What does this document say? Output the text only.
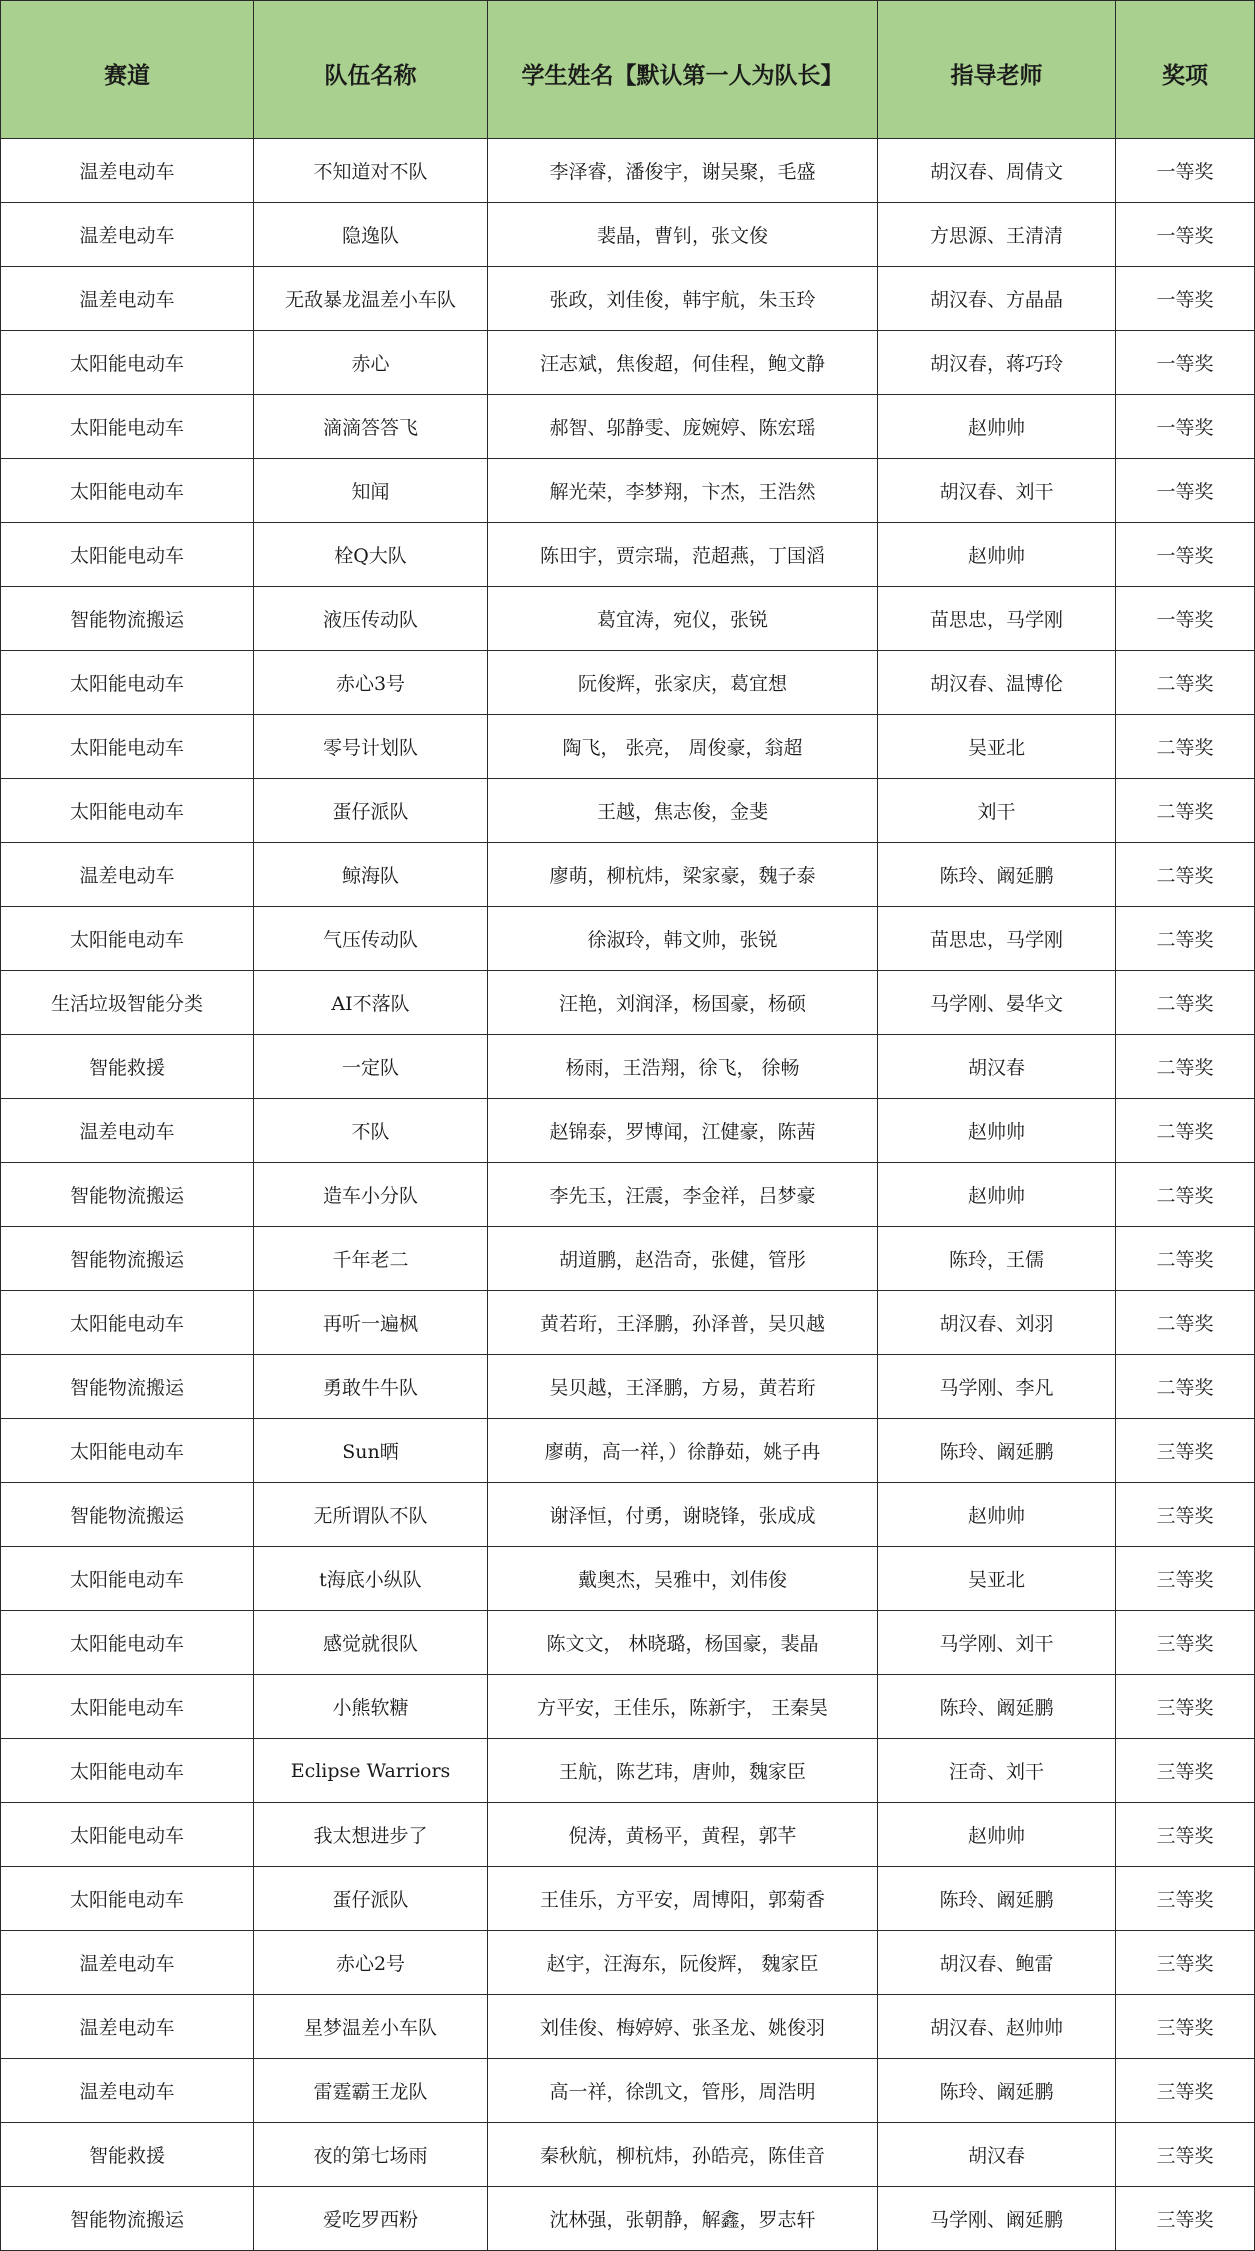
赛道	队伍名称	学生姓名【默认第一人为队长】	指导老师	奖项
温差电动车	不知道对不队	李泽睿，潘俊宇，谢吴聚，毛盛	胡汉春、周倩文	一等奖
温差电动车	隐逸队	裴晶，曹钊，张文俊	方思源、王清清	一等奖
温差电动车	无敌暴龙温差小车队	张政，刘佳俊，韩宇航，朱玉玲	胡汉春、方晶晶	一等奖
太阳能电动车	赤心	汪志斌，焦俊超，何佳程，鲍文静	胡汉春，蒋巧玲	一等奖
太阳能电动车	滴滴答答飞	郝智、邬静雯、庞婉婷、陈宏瑶	赵帅帅	一等奖
太阳能电动车	知闻	解光荣，李梦翔，卞杰，王浩然	胡汉春、刘干	一等奖
太阳能电动车	栓Q大队	陈田宇，贾宗瑞，范超燕，丁国滔	赵帅帅	一等奖
智能物流搬运	液压传动队	葛宜涛，宛仪，张锐	苗思忠，马学刚	一等奖
太阳能电动车	赤心3号	阮俊辉，张家庆，葛宜想	胡汉春、温博伦	二等奖
太阳能电动车	零号计划队	陶飞， 张亮， 周俊豪，翁超	吴亚北	二等奖
太阳能电动车	蛋仔派队	王越，焦志俊，金斐	刘干	二等奖
温差电动车	鲸海队	廖萌，柳杭炜，梁家豪，魏子泰	陈玲、阚延鹏	二等奖
太阳能电动车	气压传动队	徐淑玲，韩文帅，张锐	苗思忠，马学刚	二等奖
生活垃圾智能分类	AI不落队	汪艳，刘润泽，杨国豪，杨硕	马学刚、晏华文	二等奖
智能救援	一定队	杨雨，王浩翔，徐飞， 徐畅	胡汉春	二等奖
温差电动车	不队	赵锦泰，罗博闻，江健豪，陈茜	赵帅帅	二等奖
智能物流搬运	造车小分队	李先玉，汪震，李金祥，吕梦豪	赵帅帅	二等奖
智能物流搬运	千年老二	胡道鹏，赵浩奇，张健，管彤	陈玲，王儒	二等奖
太阳能电动车	再听一遍枫	黄若珩，王泽鹏，孙泽普，吴贝越	胡汉春、刘羽	二等奖
智能物流搬运	勇敢牛牛队	吴贝越，王泽鹏，方易，黄若珩	马学刚、李凡	二等奖
太阳能电动车	Sun晒	廖萌，高一祥，）徐静茹，姚子冉	陈玲、阚延鹏	三等奖
智能物流搬运	无所谓队不队	谢泽恒，付勇，谢晓锋，张成成	赵帅帅	三等奖
太阳能电动车	t海底小纵队	戴奥杰，吴雅中，刘伟俊	吴亚北	三等奖
太阳能电动车	感觉就很队	陈文文， 林晓璐，杨国豪，裴晶	马学刚、刘干	三等奖
太阳能电动车	小熊软糖	方平安，王佳乐，陈新宇， 王秦昊	陈玲、阚延鹏	三等奖
太阳能电动车	Eclipse Warriors	王航，陈艺玮，唐帅，魏家臣	汪奇、刘干	三等奖
太阳能电动车	我太想进步了	倪涛，黄杨平，黄程，郭芊	赵帅帅	三等奖
太阳能电动车	蛋仔派队	王佳乐，方平安，周博阳，郭菊香	陈玲、阚延鹏	三等奖
温差电动车	赤心2号	赵宇，汪海东，阮俊辉， 魏家臣	胡汉春、鲍雷	三等奖
温差电动车	星梦温差小车队	刘佳俊、梅婷婷、张圣龙、姚俊羽	胡汉春、赵帅帅	三等奖
温差电动车	雷霆霸王龙队	高一祥，徐凯文，管彤，周浩明	陈玲、阚延鹏	三等奖
智能救援	夜的第七场雨	秦秋航，柳杭炜，孙皓亮，陈佳音	胡汉春	三等奖
智能物流搬运	爱吃罗西粉	沈林强，张朝静，解鑫，罗志轩	马学刚、阚延鹏	三等奖
